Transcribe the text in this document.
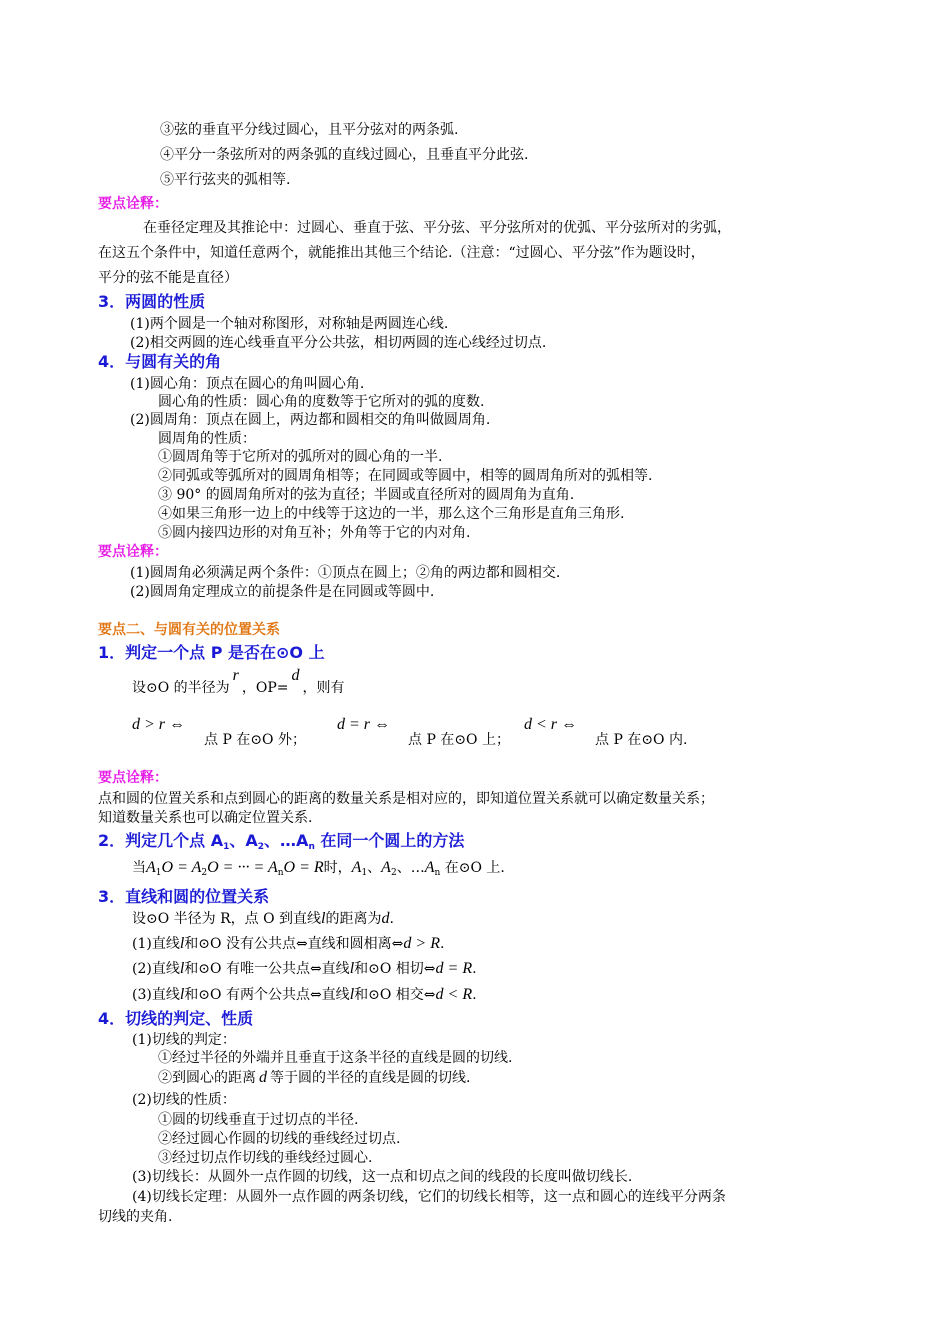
③弦的垂直平分线过圆心，且平分弦对的两条弧.
④平分一条弦所对的两条弧的直线过圆心，且垂直平分此弦.
⑤平行弦夹的弧相等.
要点诠释：
在垂径定理及其推论中：过圆心、垂直于弦、平分弦、平分弦所对的优弧、平分弦所对的劣弧，
在这五个条件中，知道任意两个，就能推出其他三个结论.（注意：“过圆心、平分弦”作为题设时，
平分的弦不能是直径）
3．两圆的性质
(1)两个圆是一个轴对称图形，对称轴是两圆连心线.
(2)相交两圆的连心线垂直平分公共弦，相切两圆的连心线经过切点.
4．与圆有关的角
(1)圆心角：顶点在圆心的角叫圆心角.
圆心角的性质：圆心角的度数等于它所对的弧的度数.
(2)圆周角：顶点在圆上，两边都和圆相交的角叫做圆周角.
圆周角的性质：
①圆周角等于它所对的弧所对的圆心角的一半.
②同弧或等弧所对的圆周角相等；在同圆或等圆中，相等的圆周角所对的弧相等.
③ 90° 的圆周角所对的弦为直径；半圆或直径所对的圆周角为直角.
④如果三角形一边上的中线等于这边的一半，那么这个三角形是直角三角形.
⑤圆内接四边形的对角互补；外角等于它的内对角.
要点诠释：
(1)圆周角必须满足两个条件：①顶点在圆上；②角的两边都和圆相交.
(2)圆周角定理成立的前提条件是在同圆或等圆中.
要点二、与圆有关的位置关系
1．判定一个点 P 是否在⊙O 上
设⊙O 的半径为r，OP=d，则有
d > r ⇔
点 P 在⊙O 外；
d = r ⇔
点 P 在⊙O 上；
d < r ⇔
点 P 在⊙O 内.
要点诠释：
点和圆的位置关系和点到圆心的距离的数量关系是相对应的，即知道位置关系就可以确定数量关系；
知道数量关系也可以确定位置关系.
2．判定几个点 $A_1$、$A_2$、$\dots A_n$ 在同一个圆上的方法
当$A_1O = A_2O$ = ··· = $A_nO = R$时，$A_1$、$A_2$、$\dots A_n$ 在⊙O 上.
3．直线和圆的位置关系
设⊙O 半径为 R，点 O 到直线l的距离为d.
(1)直线l和⊙O 没有公共点⇔直线和圆相离⇔d > R.
(2)直线l和⊙O 有唯一公共点⇔直线l和⊙O 相切⇔d = R.
(3)直线l和⊙O 有两个公共点⇔直线l和⊙O 相交⇔d < R.
4．切线的判定、性质
(1)切线的判定：
①经过半径的外端并且垂直于这条半径的直线是圆的切线.
②到圆心的距离 d 等于圆的半径的直线是圆的切线.
(2)切线的性质：
①圆的切线垂直于过切点的半径.
②经过圆心作圆的切线的垂线经过切点.
③经过切点作切线的垂线经过圆心.
(3)切线长：从圆外一点作圆的切线，这一点和切点之间的线段的长度叫做切线长.
(4)切线长定理：从圆外一点作圆的两条切线，它们的切线长相等，这一点和圆心的连线平分两条
切线的夹角.
